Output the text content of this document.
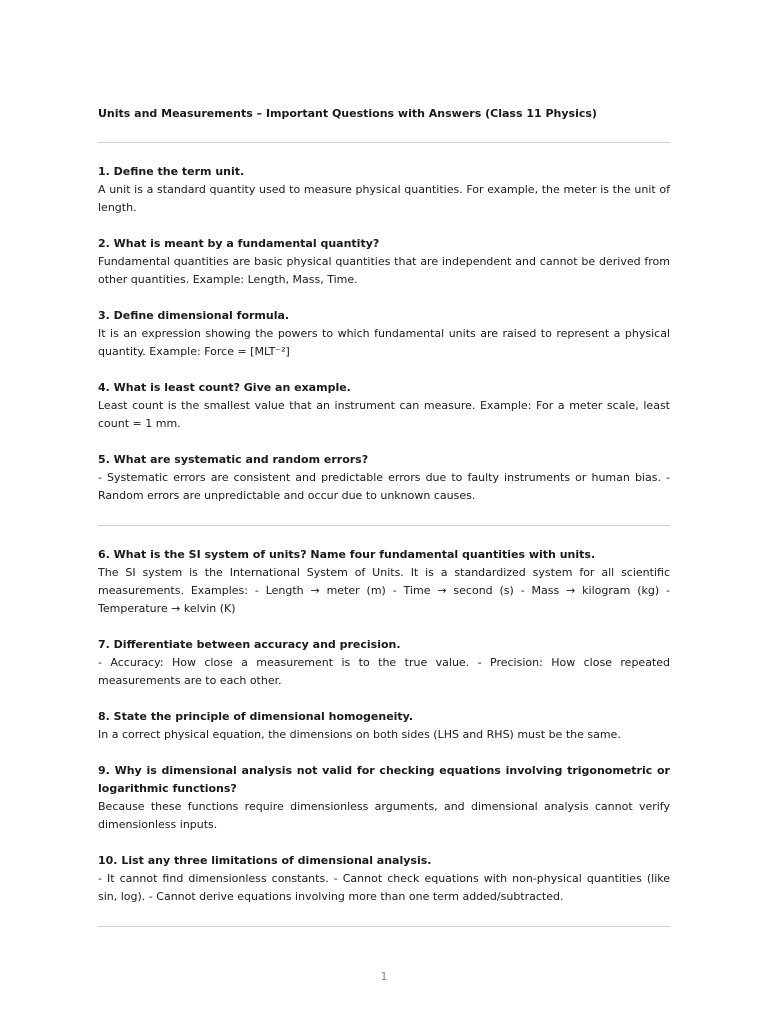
Units and Measurements – Important Questions with Answers (Class 11 Physics)

1. Define the term unit.

A unit is a standard quantity used to measure physical quantities. For example, the meter is the unit of length.

2. What is meant by a fundamental quantity?

Fundamental quantities are basic physical quantities that are independent and cannot be derived from other quantities. Example: Length, Mass, Time.

3. Define dimensional formula.

It is an expression showing the powers to which fundamental units are raised to represent a physical quantity. Example: Force = [MLT⁻²]

4. What is least count? Give an example.

Least count is the smallest value that an instrument can measure. Example: For a meter scale, least count = 1 mm.

5. What are systematic and random errors?

- Systematic errors are consistent and predictable errors due to faulty instruments or human bias. - Random errors are unpredictable and occur due to unknown causes.

6. What is the SI system of units? Name four fundamental quantities with units.

The SI system is the International System of Units. It is a standardized system for all scientific measurements. Examples: - Length → meter (m) - Time → second (s) - Mass → kilogram (kg) - Temperature → kelvin (K)

7. Differentiate between accuracy and precision.

- Accuracy: How close a measurement is to the true value. - Precision: How close repeated measurements are to each other.

8. State the principle of dimensional homogeneity.

In a correct physical equation, the dimensions on both sides (LHS and RHS) must be the same.

9. Why is dimensional analysis not valid for checking equations involving trigonometric or logarithmic functions?

Because these functions require dimensionless arguments, and dimensional analysis cannot verify dimensionless inputs.

10. List any three limitations of dimensional analysis.

- It cannot find dimensionless constants. - Cannot check equations with non-physical quantities (like sin, log). - Cannot derive equations involving more than one term added/subtracted.

1
